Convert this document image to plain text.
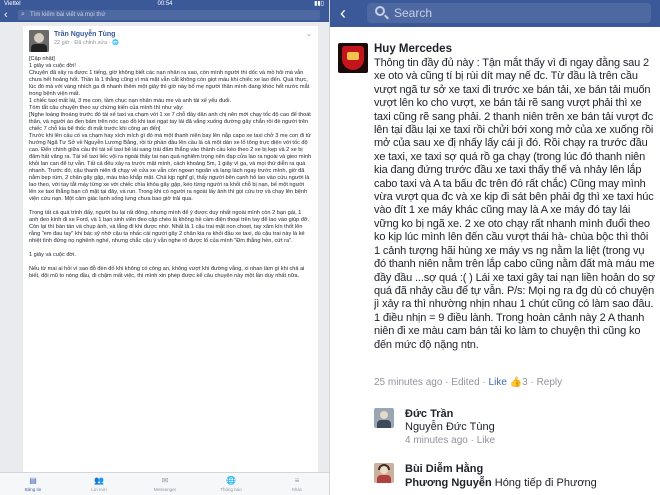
Viettel	00:54	▮▮▯
‹ ⌕ Tìm kiếm bài viết và mọi thứ
Trần Nguyễn Tùng
22 giờ · Đã chỉnh sửa · 🌐
⌄

[Cập nhật]

1 giây và cuộc đời!

Chuyện đã xảy ra được 1 tiếng, giờ không biết các nạn nhân ra sao, còn mình người thì dốc và mồ hôi mà vẫn chưa hết hoảng hốt. Thần là 1 thằng cũng vì mà mặt vẫn cắt không còn giọt máu khi chiếc xe lao đến. Quá thực, lúc đó mà với vàng nhích ga đi nhanh thêm một giây thì giờ này bố mẹ người thân mình đang khóc hết nước mắt trong bệnh viện mất.

1 chiếc taxi mất lái, 3 mẹ con, tầm chục nạn nhân máu me và anh tài xế yếu đuối.

Tóm tắt câu chuyện theo sự chứng kiến của mình thì như vậy:

[Nghe loáng thoáng trước đó tài xế taxi va chạm với 1 xe 7 chỗ đầy dân anh chị nên mới chạy tốc độ cao để thoát thân, và người áo đen bám trên nóc cạo đồ khi taxi ngạt tay lái đã vắng xuống đường gây chắn rồi đè người trên chiếc 7 chỗ kia bể thốc đi mất trước khi công an đến]

Trước khi lên cầu có va chạm hay xích mích gì đó mà một thanh niên bay lên nắp capo xe taxi chở 3 mẹ con đi từ hướng Ngã Tư Sở về Nguyễn Lương Bằng, rồi từ phần đầu lên cầu là cả một dàn xe lố tông trực diện với tốc độ cao. Đến chính giữa cầu thì tài xế taxi bẻ lái sang trái đâm thẳng vào thành cầu kéo theo 2 xe bị kẹp và 2 xe bị đâm hất văng ra. Tài xế taxi liếc vội ra ngoài thấy tai nạn quá nghiêm trọng nên đạp cửa lao ra ngoài và gieo mình khỏi lan can để tự vẫn. Tất cả đều xảy ra trước mặt mình, cách khoảng 5m, 1 giây vì ga, và mọi thứ diễn ra quá nhanh. Trước đó, cậu thanh niên đi chạy về cửa xe vẫn còn ngoan ngoãn và lạng lách ngay trước mình, giờ đã nằm bẹp rúm, 2 chân gãy gập, máu trào khắp mặt. Chả kịp nghĩ gì, thấy người bên cạnh hô lao vào cứu người là lao theo, với tay tắt máy từng xe với chiếc chìa khóa gãy gập, kéo từng người ra khỏi chỗ bị nạn, bế một người lên xe taxi thẳng bạn cô mặt tại đây, và run. Trong khi có người ra ngoài lấy ảnh thì gọi cứu trợ và chạy lên bệnh viện cứu nạn. Một cảm giác lạnh sống lưng chưa bao giờ trải qua.

Trong tất cả quá trình đấy, người bu lại rất đông, nhưng mình để ý được duy nhất ngoài mình còn 2 bạn gái, 1 anh đeo kính đi xe Ford, và 1 bạn sinh viên đeo cặp chéo là không hề cầm điện thoại trên tay để lao vào giúp đỡ. Còn lại thì bàn tán và chụp ảnh, và lắng đi khi được nhờ. Nhất là 1 cậu trai mặt non choẹt, tay xăm kín thốt lên rằng "em đau tay" khi bác sỹ nhờ cậu ta nhấc cái người gãy 2 chân kia ra khỏi đầu xe taxi, dù cậu trai này là kẻ nhiệt tình đứng nọ nghênh nghé, nhưng chắc cậu ý vẫn nghe rõ được lố của mình "Đm thằng hèn, cứt ra".

1 giây và cuộc đời.

Nếu từ mai ai hỏi vì sao đỗ đèn đỏ khi không có công an, không vượt khi đường vắng, xi nhan làm gì khi chả ai biết, đội mũ to nóng đầu, đi chậm mất việc, thì mình xin phép được kể câu chuyện này một lần duy nhất nữa.

▤
Bảng tin
👥
Lời mời
✉
Messenger
🌐
Thông báo
≡
Khác
‹	Search
Huy Mercedes
Thông tin đầy đủ này : Tận mắt thấy vì đi ngay đằng sau 2 xe oto và cũng tí bị rùi dít may nế đc. Từ đầu là trên cầu vượt ngã tư sở xe taxi đi trước xe bán tải, xe bán tải muốn vượt lên ko cho vượt, xe bán tải rẽ sang vượt phải thì xe taxi cũng rẽ sang phải. 2 thanh niên trên xe bán tải vượt đc lên tại đầu lại xe taxi rồi chửi bới xong mở của xe xuống rồi mở của sau xe đị nhấy lấy cái jì đó. Rồi chạy ra trước đầu xe taxi, xe taxi sợ quá rồ ga chạy (trong lúc đó thanh niên kia đang đứng trước đầu xe taxi thấy thế và nhảy lên lắp cabo taxi và A ta bấu đc trên đó rất chắc) Cũng may mình vừa vượt qua đc và xe kịp đi sát bên phải đg thì xe taxi húc vào đít 1 xe máy khác cũng may là A xe máy đó tay lái vững ko bị ngã xe. 2 xe oto chạy rất nhanh mình đuổi theo ko kịp lúc mình lên đến cầu vượt thái hà- chùa bộc thì thôi 1 cảnh tượng hãi hùng xe máy vs ng nằm la liệt (trong vụ đó thanh niên nằm trên lắp cabo cũng nằm đất mà máu me đầy đầu ...sợ quá :( ) Lái xe taxi gây tai nạn liền hoản do sợ quá đã nhảy cầu để tự vẫn. P/s: Mọi ng ra đg dù có chuyện jì xảy ra thì nhường nhịn nhau 1 chút cũng có làm sao đâu. 1 điều nhịn = 9 điều lành. Trong hoàn cảnh này 2 A thanh niên đi xe màu cam bán tải ko làm to chuyện thì cũng ko đến mức độ nặng ntn.
25 minutes ago · Edited · Like 👍3 · Reply
Đức Trần
Nguyễn Đức Tùng
4 minutes ago · Like
Bùi Diễm Hằng
Phương Nguyễn Hóng tiếp đi Phương
